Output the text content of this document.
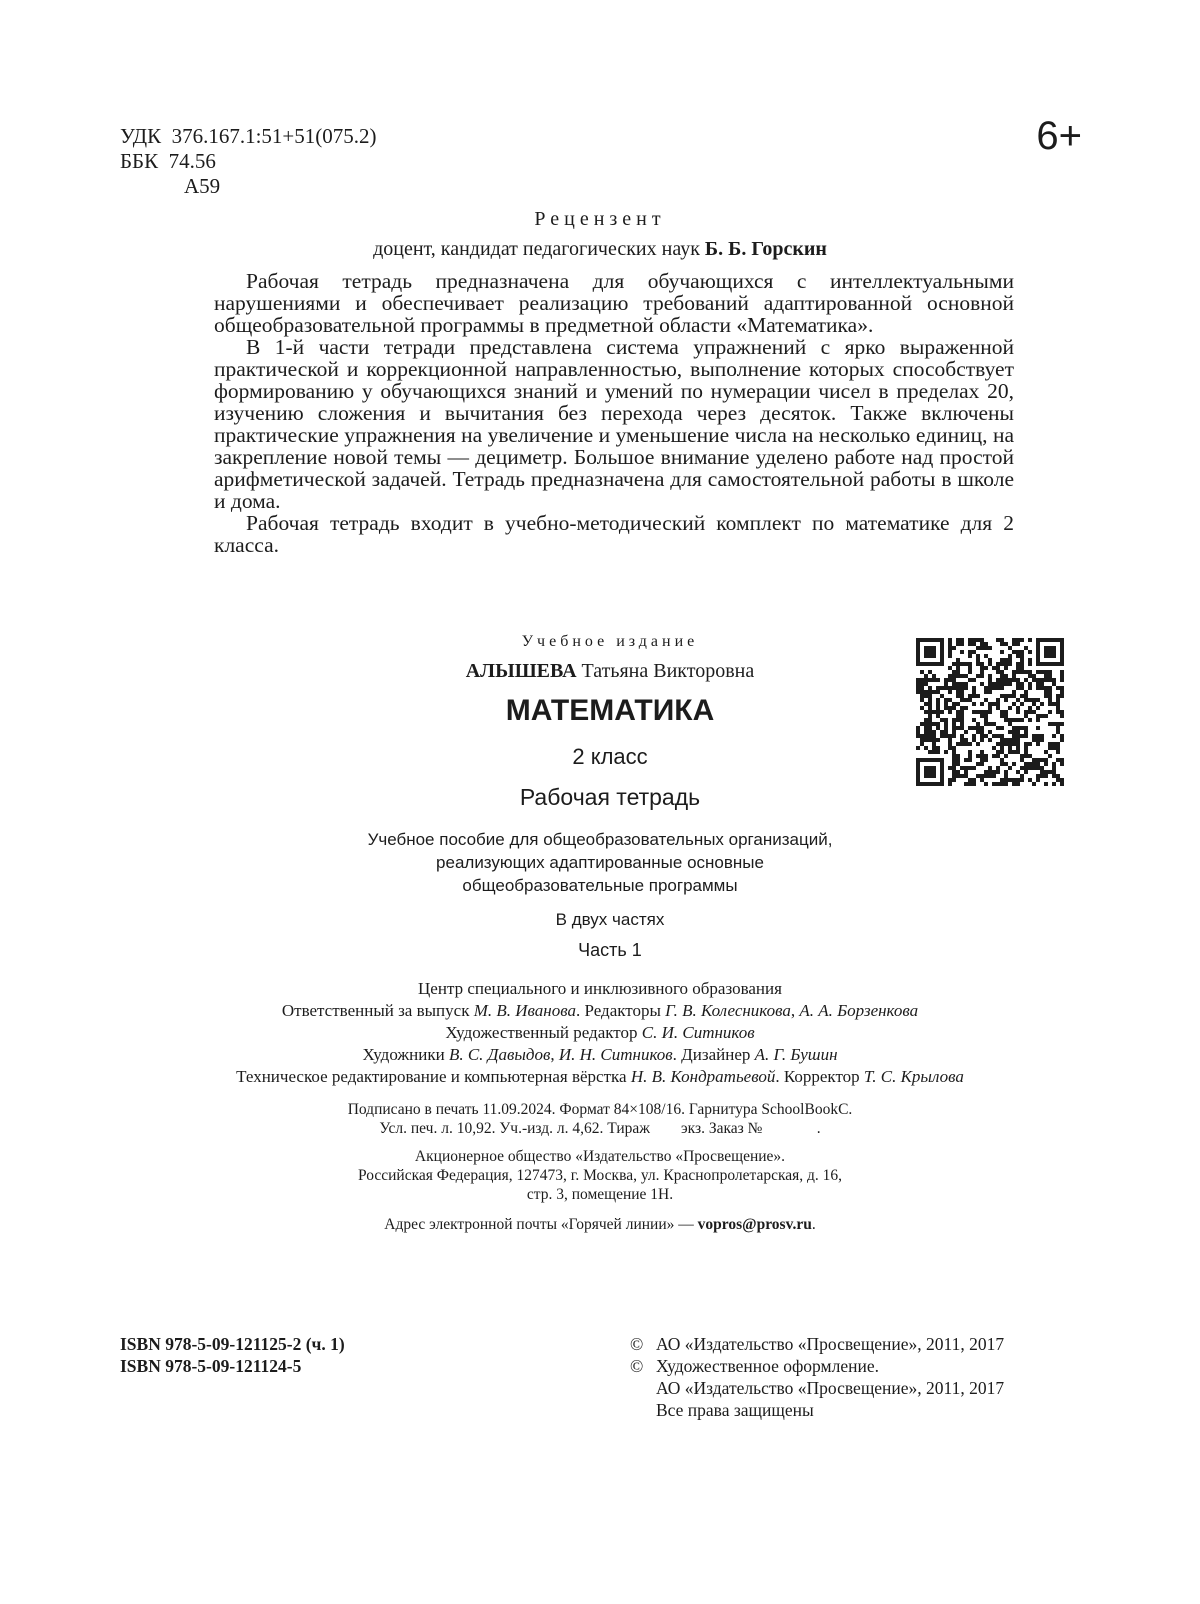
УДК  376.167.1:51+51(075.2)
ББК  74.56
А59
6+
Рецензент
доцент, кандидат педагогических наук Б. Б. Горскин

Рабочая тетрадь предназначена для обучающихся с интеллектуальными нарушениями и обеспечивает реализацию требований адаптированной основной общеобразовательной программы в предметной области «Математика».

В 1-й части тетради представлена система упражнений с ярко выраженной практической и коррекционной направленностью, выполнение которых способствует формированию у обучающихся знаний и умений по нумерации чисел в пределах 20, изучению сложения и вычитания без перехода через десяток. Также включены практические упражнения на увеличение и уменьшение числа на несколько единиц, на закрепление новой темы — дециметр. Большое внимание уделено работе над простой арифметической задачей. Тетрадь предназначена для самостоятельной работы в школе и дома.

Рабочая тетрадь входит в учебно-методический комплект по математике для 2 класса.

Учебное издание
АЛЫШЕВА Татьяна Викторовна
МАТЕМАТИКА
2 класс
Рабочая тетрадь
Учебное пособие для общеобразовательных организаций,
реализующих адаптированные основные
общеобразовательные программы
В двух частях
Часть 1
Центр специального и инклюзивного образования
Ответственный за выпуск М. В. Иванова. Редакторы Г. В. Колесникова, А. А. Борзенкова
Художественный редактор С. И. Ситников
Художники В. С. Давыдов, И. Н. Ситников. Дизайнер А. Г. Бушин
Техническое редактирование и компьютерная вёрстка Н. В. Кондратьевой. Корректор Т. С. Крылова
Подписано в печать 11.09.2024. Формат 84×108/16. Гарнитура SchoolBookC.
Усл. печ. л. 10,92. Уч.-изд. л. 4,62. Тираж        экз. Заказ №              .
Акционерное общество «Издательство «Просвещение».
Российская Федерация, 127473, г. Москва, ул. Краснопролетарская, д. 16,
стр. 3, помещение 1Н.
Адрес электронной почты «Горячей линии» — vopros@prosv.ru.
ISBN 978-5-09-121125-2 (ч. 1)
ISBN 978-5-09-121124-5
© АО «Издательство «Просвещение», 2011, 2017
© Художественное оформление.
АО «Издательство «Просвещение», 2011, 2017
Все права защищены
